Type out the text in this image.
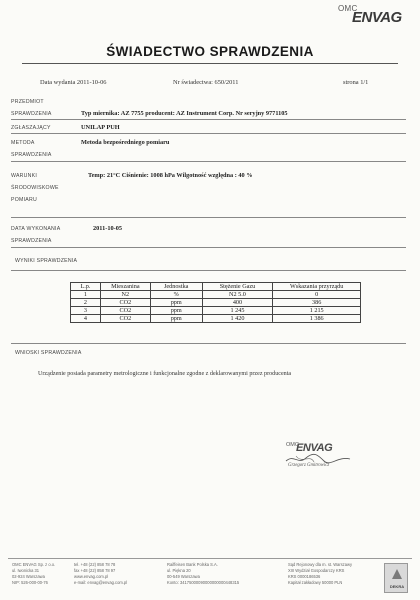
OMC
ENVAG
ŚWIADECTWO SPRAWDZENIA
Data wydania 2011-10-06	Nr świadectwa: 650/2011	strona 1/1
PRZEDMIOT
SPRAWDZENIA	Typ miernika: AZ 7755 producent: AZ Instrument Corp. Nr seryjny 9771105
ZGŁASZAJĄCY	UNILAP PUH
METODA	Metoda bezpośredniego pomiaru
SPRAWDZENIA
WARUNKI	Temp: 21°C Ciśnienie: 1008 hPa Wilgotność względna : 40 %
ŚRODOWISKOWE
POMIARU
DATA WYKONANIA	2011-10-05
SPRAWDZENIA
WYNIKI SPRAWDZENIA
L.p.	Mieszanina	Jednostka	Stężenie Gazu	Wskazania przyrządu
1	N2	%	N2 5.0	0
2	CO2	ppm	400	386
3	CO2	ppm	1 245	1 215
4	CO2	ppm	1 420	1 386
WNIOSKI SPRAWDZENIA
Urządzenie posiada parametry metrologiczne i funkcjonalne zgodne z deklarowanymi przez producenta
OMC
ENVAG
Grzegorz Gmitrowicz
OMC ENVAG Sp. z o.o.
ul. Iwonicka 31
02-924 Warszawa
NIP: 526-000-00-76
tel. +48 (22) 858 78 78
fax +48 (22) 858 78 97
www.envag.com.pl
e-mail: envag@envag.com.pl
Raiffeisen Bank Polska S.A.
ul. Piękna 20
00-549 Warszawa
Konto: 34175000090000000000448315
Sąd Rejonowy dla m. st. Warszawy
XIII Wydział Gospodarczy KRS
KRS 0000186536
Kapitał zakładowy 50000 PLN
DEKRA
